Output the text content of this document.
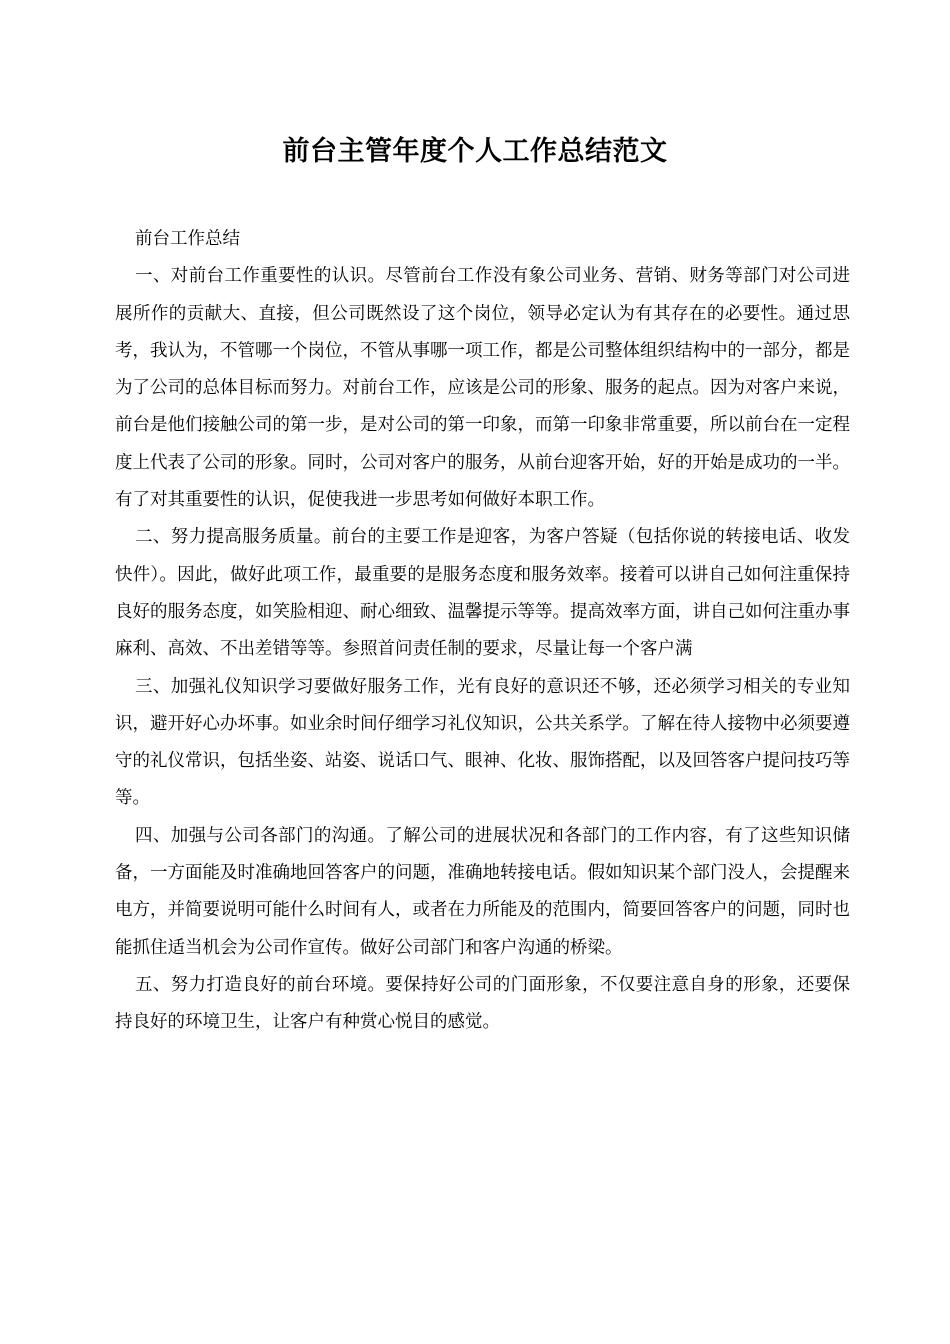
前台主管年度个人工作总结范文

前台工作总结

一、对前台工作重要性的认识。尽管前台工作没有象公司业务、营销、财务等部门对公司进展所作的贡献大、直接，但公司既然设了这个岗位，领导必定认为有其存在的必要性。通过思考，我认为，不管哪一个岗位，不管从事哪一项工作，都是公司整体组织结构中的一部分，都是为了公司的总体目标而努力。对前台工作，应该是公司的形象、服务的起点。因为对客户来说，前台是他们接触公司的第一步，是对公司的第一印象，而第一印象非常重要，所以前台在一定程度上代表了公司的形象。同时，公司对客户的服务，从前台迎客开始，好的开始是成功的一半。有了对其重要性的认识，促使我进一步思考如何做好本职工作。

二、努力提高服务质量。前台的主要工作是迎客，为客户答疑（包括你说的转接电话、收发快件）。因此，做好此项工作，最重要的是服务态度和服务效率。接着可以讲自己如何注重保持良好的服务态度，如笑脸相迎、耐心细致、温馨提示等等。提高效率方面，讲自己如何注重办事麻利、高效、不出差错等等。参照首问责任制的要求，尽量让每一个客户满

三、加强礼仪知识学习要做好服务工作，光有良好的意识还不够，还必须学习相关的专业知识，避开好心办坏事。如业余时间仔细学习礼仪知识，公共关系学。了解在待人接物中必须要遵守的礼仪常识，包括坐姿、站姿、说话口气、眼神、化妆、服饰搭配，以及回答客户提问技巧等等。

四、加强与公司各部门的沟通。了解公司的进展状况和各部门的工作内容，有了这些知识储备，一方面能及时准确地回答客户的问题，准确地转接电话。假如知识某个部门没人，会提醒来电方，并简要说明可能什么时间有人，或者在力所能及的范围内，简要回答客户的问题，同时也能抓住适当机会为公司作宣传。做好公司部门和客户沟通的桥梁。

五、努力打造良好的前台环境。要保持好公司的门面形象，不仅要注意自身的形象，还要保持良好的环境卫生，让客户有种赏心悦目的感觉。
